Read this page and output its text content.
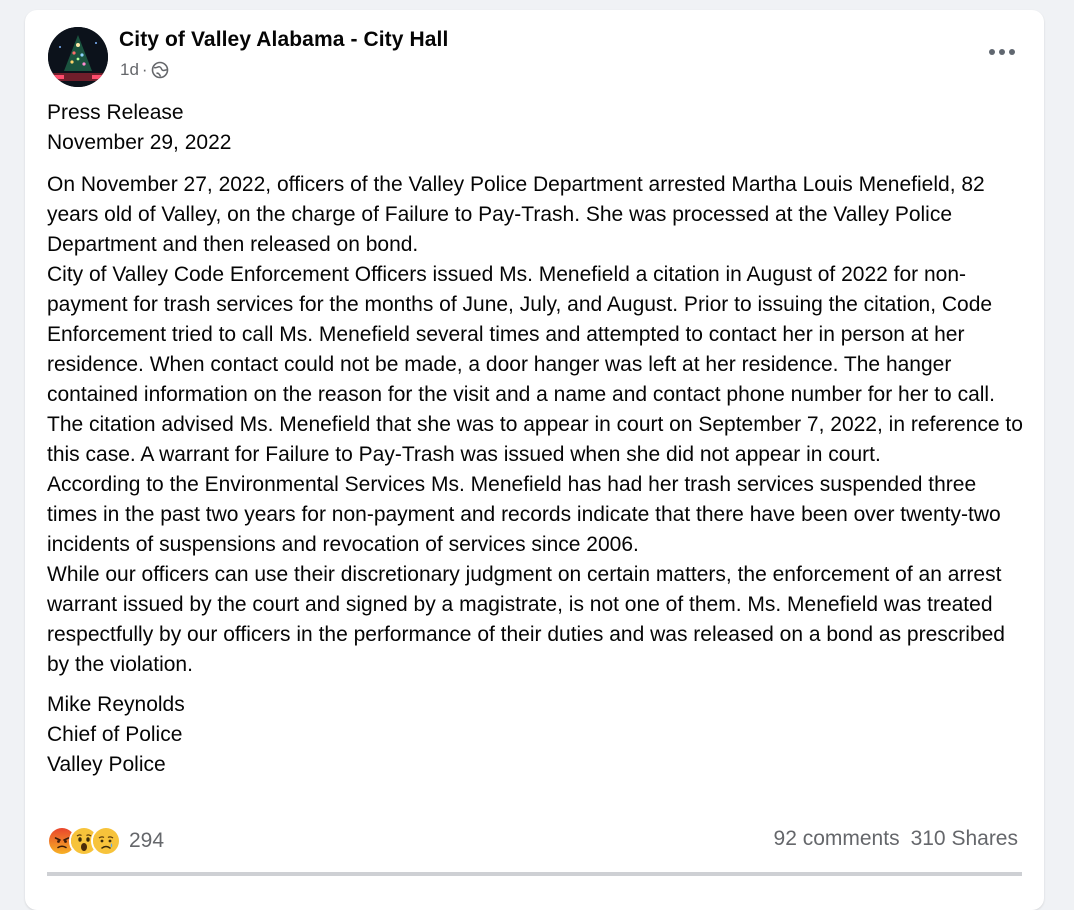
City of Valley Alabama - City Hall
1d ·

Press Release

November 29, 2022

On November 27, 2022, officers of the Valley Police Department arrested Martha Louis Menefield, 82 years old of Valley, on the charge of Failure to Pay-Trash. She was processed at the Valley Police Department and then released on bond.

City of Valley Code Enforcement Officers issued Ms. Menefield a citation in August of 2022 for non-payment for trash services for the months of June, July, and August. Prior to issuing the citation, Code Enforcement tried to call Ms. Menefield several times and attempted to contact her in person at her residence. When contact could not be made, a door hanger was left at her residence. The hanger contained information on the reason for the visit and a name and contact phone number for her to call. The citation advised Ms. Menefield that she was to appear in court on September 7, 2022, in reference to this case. A warrant for Failure to Pay-Trash was issued when she did not appear in court.

According to the Environmental Services Ms. Menefield has had her trash services suspended three times in the past two years for non-payment and records indicate that there have been over twenty-two incidents of suspensions and revocation of services since 2006.

While our officers can use their discretionary judgment on certain matters, the enforcement of an arrest warrant issued by the court and signed by a magistrate, is not one of them. Ms. Menefield was treated respectfully by our officers in the performance of their duties and was released on a bond as prescribed by the violation.

Mike Reynolds

Chief of Police

Valley Police

294	92 comments 310 Shares
